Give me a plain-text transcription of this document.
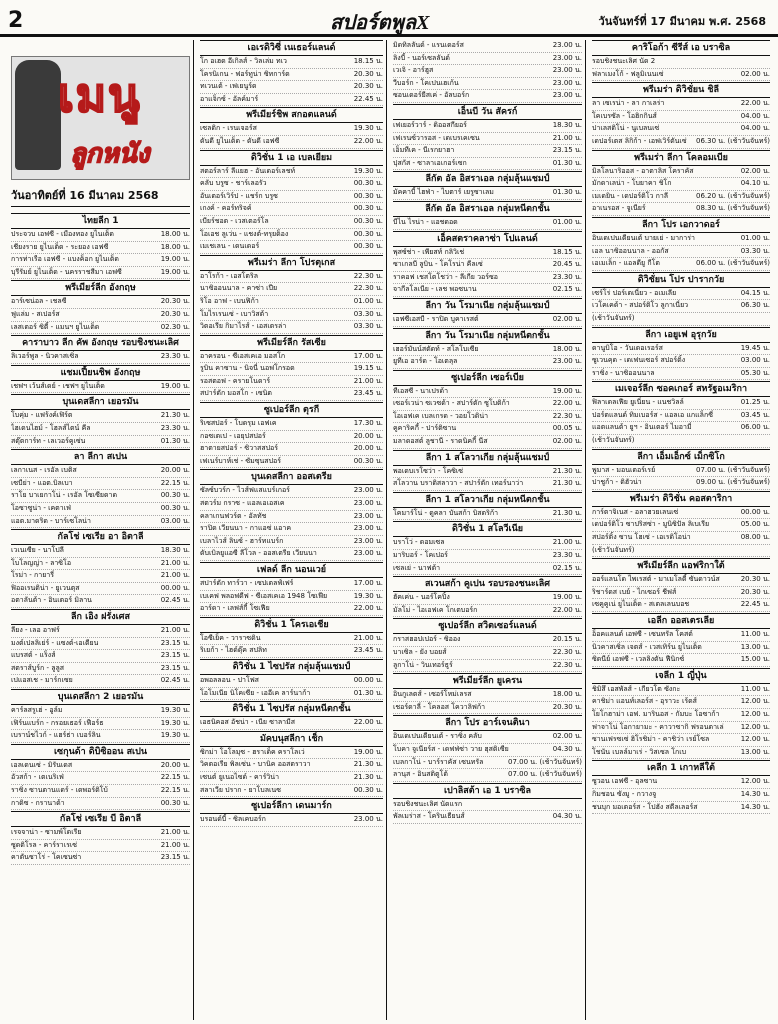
2	สปอร์ตพูลX	วันจันทร์ที่ 17 มีนาคม พ.ศ. 2568
เมนู
ลูกหนัง
วันอาทิตย์ที่ 16 มีนาคม 2568
ไทยลีก 1
ประจวบ เอฟซี - เมืองทอง ยูไนเต็ด	18.00 น.
เชียงราย ยูไนเต็ด - ระยอง เอฟซี	18.00 น.
การท่าเรือ เอฟซี - แบงค็อก ยูไนเต็ด	19.00 น.
บุรีรัมย์ ยูไนเต็ด - นครราชสีมา เอฟซี	19.00 น.
พรีเมียร์ลีก อังกฤษ
อาร์เซน่อล - เชลซี	20.30 น.
ฟูแล่ม - สเปอร์ส	20.30 น.
เลสเตอร์ ซิตี้ - แมนฯ ยูไนเต็ด	02.30 น.
คาราบาว ลีก คัพ อังกฤษ รอบชิงชนะเลิศ
ลิเวอร์พูล - นิวคาสเซิ่ล	23.30 น.
แชมเปี้ยนชิพ อังกฤษ
เชฟฯ เว้นส์เดย์ - เชฟฯ ยูไนเต็ด	19.00 น.
บุนเดสลีกา เยอรมัน
โบคุ่ม - แฟร้งค์เฟิร์ต	21.30 น.
ไฮเดนไฮม์ - โฮลส์ไตน์ คีล	23.30 น.
สตุ๊ตการ์ท - เลเวอร์คูเซ่น	01.30 น.
ลา ลีกา สเปน
เลกาเนส - เรอัล เบติส	20.00 น.
เซบีย่า - แอต.บิลเบา	22.15 น.
ราโย บาเยกาโน่ - เรอัล โซเซียดาด	00.30 น.
โอซาซูน่า - เคตาเฟ่	00.30 น.
แอต.มาดริด - บาร์เซโลน่า	03.00 น.
กัลโช่ เซเรีย อา อิตาลี
เวเนเซีย - นาโปลี	18.30 น.
โบโลญญ่า - ลาซิโอ	21.00 น.
โรม่า - กายารี่	21.00 น.
ฟิออเรนติน่า - ยูเวนตุส	00.00 น.
อตาลันต้า - อินเตอร์ มิลาน	02.45 น.
ลีก เอิง ฝรั่งเศส
ลียง - เลอ อาฟร์	21.00 น.
มงต์เปลลิเย่ร์ - แซงต์-เอเตียน	23.15 น.
แบรสต์ - แร็งส์	23.15 น.
สตราส์บูร์ก - ลูลูส	23.15 น.
เปแอสเช - มาร์กเซย	02.45 น.
บุนเดสลีกา 2 เยอรมัน
คาร์ลสรูเฮ่ - อูล์ม	19.30 น.
เฟิร์นแบร์ก - กรอยเธอร์ เฟือร์ธ	19.30 น.
เบราน์ชไวก์ - แฮร์ธ่า เบอร์ลิน	19.30 น.
เซกุนด้า ดิบิซิออน สเปน
เอลเดนเซ่ - มิรันเดส	20.00 น.
อัวสก้า - เตเนริเฟ่	22.15 น.
ราซิ่ง ซานตานแดร์ - เดพอร์ติโบ้	22.15 น.
กาดิซ - กรานาด้า	00.30 น.
กัลโช่ เซเรีย บี อิตาลี
เรจจาน่า - ซามพ์โดเรีย	21.00 น.
ซูดติโรล - คาร์ราเรเซ่	21.00 น.
คาตันซาโร่ - โคเซนซ่า	23.15 น.
เอเรดิวิซี่ เนเธอร์แลนด์
โก อเฮด อีเกิลส์ - วิลเล่ม ทเว	18.15 น.
โครนิเกน - ฟอร์ทูน่า ซิทการ์ด	20.30 น.
ทเวนเต้ - เฟเยนูร์ด	20.30 น.
อาแจ็กซ์ - อัลค์มาร์	22.45 น.
พรีเมียร์ชิพ สกอตแลนด์
เซลติก - เรนเจอร์ส	19.30 น.
ดันดี ยูไนเต็ด - ดันดี เอฟซี	22.00 น.
ดิวิชั่น 1 เอ เบลเยียม
สตอร์ลาร์ ลีแยฮ - อันเดอร์เลชท์	19.30 น.
คลับ บรูซ - ชาร์เลอรัว	00.30 น.
อันเตอร์เวิร์ป - แชร์ก บรูซ	00.30 น.
เกงค์ - คอร์ทริจค์	00.30 น.
เบียร์ชอต - เวสเตอร์โล	00.30 น.
โอเอช ลูเว่น - แชงต์-ทรุยด็อง	00.30 น.
เมเชเลน - เดนเดอร์	00.30 น.
พรีเมร่า ลีกา โปรตุเกส
อาโรก้า - เอสโตริล	22.30 น.
นาซิออนนาล - คาซ่า เปีย	22.30 น.
ริโอ อาฟ - เบนฟิก้า	01.00 น.
โมไรเรนเซ่ - เบาวิสต้า	03.30 น.
วิตอเรีย กิมาไรส์ - เอสเตรล่า	03.30 น.
พรีเมียร์ลีก รัสเซีย
อาครอน - ซีเอสเคเอ มอสโก	17.00 น.
รูบิน คาซาน - นิจนี่ นอฟโกรอด	19.15 น.
รอสตอฟ - ครายโนดาร์	21.00 น.
สปาร์ตัก มอสโก - เซนิต	23.45 น.
ซูเปอร์ลีก ตุรกี
ริเซสปอร์ - โบดรุม เอฟเค	17.30 น.
กอซเตเป - เอยุปสปอร์	20.00 น.
ฮาตายสปอร์ - ซิวาสสปอร์	20.00 น.
เฟเนร์บาห์เช่ - ซัมซุนสปอร์	00.30 น.
บุนเดสลีกา ออสเตรีย
ซัลซ์บวร์ก - ไวส์ฟแสแบร์เกอร์	23.00 น.
สตวร์ม กราซ - แอลเอเอสเค	23.00 น.
คลาเกนฟวร์ต - อัลทัช	23.00 น.
ราปิด เวียนนา - กาแอซ่ แอาค	23.00 น.
เบลาไวส์ ลินซ์ - ฮาร์ทแบร์ก	23.00 น.
ดับเบิลยูแอซี ลีโวล - ออสเตรีย เวียนนา	23.00 น.
เฟลด์ ลีก นอนเวย์
สปาร์ตัก ทาร์วา - เซปเตลฟ์เฟร์	17.00 น.
เบเคฟ พลอฟดีฟ - ซีเอสเคเอ 1948 โซเฟีย	19.30 น.
อาร์ดา - เลฟส์กี้ โซเฟีย	22.00 น.
ดิวิชั่น 1 โครเอเชีย
โอซีเย็ค - วาราซดิน	21.00 น.
ริเยก้า - ไฮด์ดุ๊ค สปลิท	23.45 น.
ดิวิชั่น 1 ไซปรัส กลุ่มลุ้นแชมป์
อพอลลอน - ปาโฟส	00.00 น.
โอโมเนีย นิโคเซีย - เออีเค ลาร์นาก้า	01.30 น.
ดิวิชั่น 1 ไซปรัส กลุ่มหนีตกชั้น
เอธนิคอส อัชน่า - เนีย ซาลามีส	22.00 น.
มัคบนุสลีกา เช็ก
ซิกม่า โอโลมุซ - ฮราเด็ค คราโลเว่	19.00 น.
วิคตอเรีย พิลเซ่น - บานิค ออสตราวา	21.30 น.
เซนต์ ยูเนอไซด์ - คาร์วิน่า	21.30 น.
สลาเวีย ปราก - ยาโบลเนซ	00.30 น.
ซูเปอร์ลีกา เดนมาร์ก
บรอนด์บี้ - ซิลเคบอร์ก	23.00 น.
มิดทิลลันด์ - แรนเดอร์ส	23.00 น.
ลิงบี้ - นอร์เซลลันด์	23.00 น.
เวเจิ - อาร์ฮูส	23.00 น.
วีบอร์ก - โคเปนเฮเก้น	23.00 น.
ซอนเดอร์ยีสเค่ - อัลบอร์ก	23.00 น.
เอ็นบี วัน สัครก์
เฟเยอร์วาร์ - ดิออสกียอร์	18.30 น.
เฟเรนซ์วารอส - เดเบรเคเซน	21.00 น.
เอ็มทีเค - นีเรกยาฮา	23.15 น.
ปุสกัส - ซาลาเอเกอร์เซก	01.30 น.
ลีกัต อัล อิสราเอล กลุ่มลุ้นแชมป์
มัคคาบี้ ไฮฟ่า - ไบตาร์ เยรูซาเลม	01.30 น.
ลีกัต อัล อิสราเอล กลุ่มหนีตกชั้น
บีไน ไรน่า - แอชดอด	01.00 น.
เอ็คสตราคลาซ่า โปแลนด์
พุสซ์ช่า - เพียสท์ กลิวิเช่	18.15 น.
ซาเกลบี ลูบิน - โคโรน่า คีลเซ่	20.45 น.
ราคอฟ เชสโตโชว่า - ลีเกีย วอร์ซอ	23.30 น.
จากีลโลเนีย - เลช พอซนาน	02.15 น.
ลีกา วัน โรมาเนีย กลุ่มลุ้นแชมป์
เอฟซีเอสบี - ราปิด บูคาเรสต์	02.00 น.
ลีกา วัน โรมาเนีย กลุ่มหนีตกชั้น
เฮอร์มันน์สตัดท์ - สโลโบเซีย	18.00 น.
ยูทีเอ อาร์ด - โอเตลุล	23.00 น.
ซูเปอร์ลีก เซอร์เบีย
ทีเอสซี - นาเปรด้า	19.00 น.
เซอร์เวน่า ซเวซด้า - สปาร์ตัก ซูโบติก้า	22.00 น.
โอเอฟเค เบลเกรด - วอยโวดิน่า	22.30 น.
คูคาริคกี้ - ปาร์ติซาน	00.05 น.
มลาดอสต์ ลูชานี - ราดนิคกี้ นีส	02.00 น.
ลีกา 1 สโลวาเกีย กลุ่มลุ้นแชมป์
พอเดบเรโซว่า - โคซิเซ่	21.30 น.
สโลวาน บราติสลาวา - สปาร์ตัก เทอร์นาว่า	21.30 น.
ลีกา 1 สโลวาเกีย กลุ่มหนีตกชั้น
โคมาร์โน่ - ดูคลา บันสก้า บิสตริก้า	21.30 น.
ดิวิชั่น 1 สโลวีเนีย
บราโว่ - ดอมเซล	21.00 น.
มาริบอร์ - โคเปอร์	23.30 น.
เซลเย่ - นาฟต้า	02.15 น.
สเวนสก้า คูเปน รอบรองชนะเลิศ
ฮัคเค่น - นอร์โคปิ้ง	19.00 น.
มัลโม่ - ไอเอฟเค โกเตบอร์ก	22.00 น.
ซูเปอร์ลีก สวิตเซอร์แลนด์
กราสฮอปเปอร์ - ซิออง	20.15 น.
บาเซิล - ยัง บอยส์	22.30 น.
ลูกาโน่ - วินเทอร์ธูร์	22.30 น.
พรีเมียร์ลีก ยูเครน
อินกูเลตส์ - เซอร์โหม่เลรส	18.00 น.
เชอร์ดาลี่ - โคลอส โควาลิฟก้า	20.30 น.
ลีกา โปร อาร์เจนตินา
อินเดเปนเดียนเต้ - ราซิ่ง คลับ	02.00 น.
โบคา จูเนียร์ส - เดฟฟ่ซ่า วาย ฮุสติเซีย	04.30 น.
เบลกาโน่ - บาร์ราคัส เซนทรัล	07.00 น. (เช้าวันจันทร์)
ลานุส - อินสติตูโต้	07.00 น. (เช้าวันจันทร์)
เปาลิสต้า เอ 1 บราซิล
รอบชิงชนะเลิศ นัดแรก
พัลเมร่าส - โครินเธียนส์	04.30 น.
คาริโอก้า ซีรีส์ เอ บราซิล
รอบชิงชนะเลิศ นัด 2
ฟลาเมงโก้ - ฟลูมิเนนเซ่	02.00 น.
พรีเมร่า ดิวิชั่ยน ชิลี
ลา เซเรน่า - ลา กาเลร่า	22.00 น.
โคเบรซัล - โอฮิกกินส์	04.00 น.
ปาเลสติโน่ - นูเบลนเซ่	04.00 น.
เดปอร์เตส ลิกิก้า - เอฟเวิร์ตันเซ่	06.30 น. (เช้าวันจันทร์)
พรีเมร่า ลีกา โคลอมเบีย
มิลโลนาริออส - อาตาลิส โคราคัส	02.00 น.
มักดาเลน่า - โบยาคา ชิโก	04.10 น.
เมเดยิน - เดปอร์ติโว กาลี	06.20 น. (เช้าวันจันทร์)
อาเนรอส - จูเนียร์	08.30 น. (เช้าวันจันทร์)
ลีกา โปร เอกวาดอร์
อินเดเปนเดียนเต้ บายเย่ - มาการ่า	01.00 น.
เอล นาซิออนนาล - ออกัส	03.30 น.
เอเมเล็ก - แอลดียู กีโต	06.00 น. (เช้าวันจันทร์)
ดิวิชั่ยน โปร ปารากวัย
เซร์โร่ ปอร์เตเนี่ยว - อเมเลีย	04.15 น.
เวโคเคด้า - สปอร์ติโว ลูกาเนี่ยว	06.30 น.
(เช้าวันจันทร์)
ลีกา เอยูเฟ อุรุกวัย
ดานูบิโอ - วันเดอเรอร์ส	19.45 น.
ซูเวนคุด - เดเฟนเซอร์ สปอร์ติ้ง	03.00 น.
ราซิ่ง - นาซิออนนาล	05.30 น.
เมเจอร์ลีก ซอคเกอร์ สหรัฐอเมริกา
ฟิลาเดลเฟีย ยูเนี่ยน - แนชวิลล์	01.25 น.
ปอร์ตแลนด์ ทิมเบอร์ส - แอลเอ แกแล็กซี่	03.45 น.
แอตแลนต้า ยูฯ - อินเตอร์ ไมอามี่	06.00 น.
(เช้าวันจันทร์)
ลีกา เอ็มเอ็กซ์ เม็กซิโก
พูมาส - มอนเตอร์เรย์	07.00 น. (เช้าวันจันทร์)
ปาชูก้า - ติฮัวน่า	09.00 น. (เช้าวันจันทร์)
พรีเมร่า ดิวิชั่น คอสตาริกา
การ์ตาจิเนส - อลาฮวยเลนเซ่	00.00 น.
เดปอร์ติโว ซาปริสซ่า - มูนิซิปัล ลิเบเรีย	05.00 น.
สปอร์ติ้ง ซาน โฮเซ่ - เอเรดิโอน่า	08.00 น.
(เช้าวันจันทร์)
พรีเมียร์ลีก แอฟริกาใต้
ออร์แลนโด ไพเรสต์ - มาเมโลดี้ ซันดาวน์ส	20.30 น.
ริชาร์ดส เบย์ - ไกเซอร์ ชีฟส์	20.30 น.
เซคูคูเน่ ยูไนเต็ด - สเตลเลนบอช	22.45 น.
เอลีก ออสเตรเลีย
อ็อคแลนด์ เอฟซี - เซนทรัล โคสต์	11.00 น.
นิวคาสเซิ่ล เจตส์ - เวสเทิร์น ยูไนเต็ด	13.00 น.
ซิดนีย์ เอฟซี - เวลลิงตัน ฟีนิกซ์	15.00 น.
เจลีก 1 ญี่ปุ่น
ชิมิสึ เอสพัลส์ - เกียวโต ซังกะ	11.00 น.
คาชิม่า แอนท์เลอร์ส - อุราวะ เร้ดส์	12.00 น.
โยโกฮาม่า เอฟ. มารินอส - กัมบะ โอซาก้า	12.00 น.
ฟาจาโน่ โอกายามะ - คาวาซากิ ฟรอนตาเล่	12.00 น.
ซานเฟรซเซ่ ฮิโรชิม่า - คาชิว่า เรย์โซล	12.00 น.
โชนัน เบลล์มาเร่ - วิสเซล โกเบ	13.00 น.
เคลีก 1 เกาหลีใต้
ซูวอน เอฟซี - อุลซาน	12.00 น.
กิมชอน ซังมู - กวางจู	14.30 น.
ชนบุก มอเตอร์ส - โปฮัง สตีลเลอร์ส	14.30 น.
